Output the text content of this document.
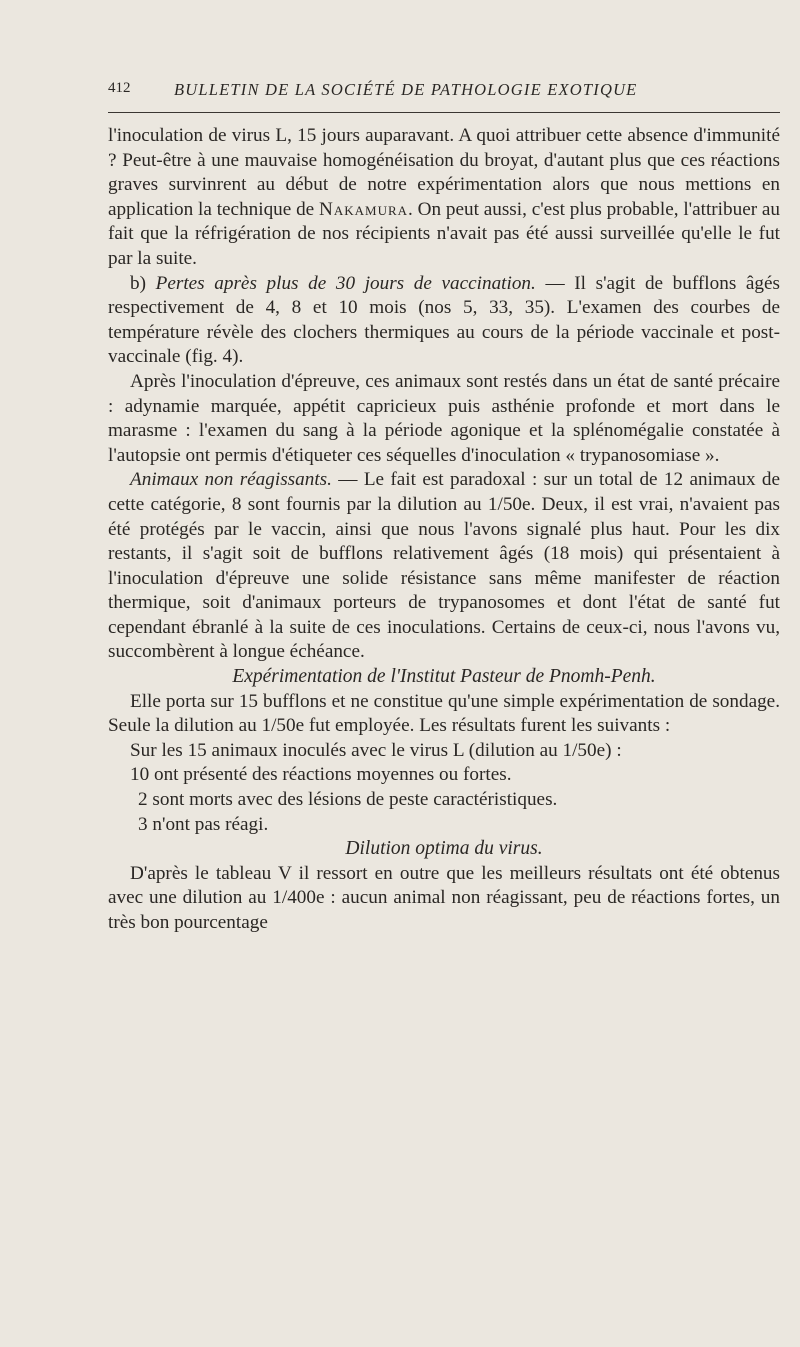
412	BULLETIN DE LA SOCIÉTÉ DE PATHOLOGIE EXOTIQUE

l'inoculation de virus L, 15 jours auparavant. A quoi attribuer cette absence d'immunité ? Peut-être à une mauvaise homogénéisation du broyat, d'autant plus que ces réactions graves survinrent au début de notre expérimentation alors que nous mettions en application la technique de Nakamura. On peut aussi, c'est plus probable, l'attribuer au fait que la réfrigération de nos récipients n'avait pas été aussi surveillée qu'elle le fut par la suite.

b) Pertes après plus de 30 jours de vaccination. — Il s'agit de bufflons âgés respectivement de 4, 8 et 10 mois (nos 5, 33, 35). L'examen des courbes de température révèle des clochers thermiques au cours de la période vaccinale et post-vaccinale (fig. 4).

Après l'inoculation d'épreuve, ces animaux sont restés dans un état de santé précaire : adynamie marquée, appétit capricieux puis asthénie profonde et mort dans le marasme : l'examen du sang à la période agonique et la splénomégalie constatée à l'autopsie ont permis d'étiqueter ces séquelles d'inoculation « trypanosomiase ».

Animaux non réagissants. — Le fait est paradoxal : sur un total de 12 animaux de cette catégorie, 8 sont fournis par la dilution au 1/50e. Deux, il est vrai, n'avaient pas été protégés par le vaccin, ainsi que nous l'avons signalé plus haut. Pour les dix restants, il s'agit soit de bufflons relativement âgés (18 mois) qui présentaient à l'inoculation d'épreuve une solide résistance sans même manifester de réaction thermique, soit d'animaux porteurs de trypanosomes et dont l'état de santé fut cependant ébranlé à la suite de ces inoculations. Certains de ceux-ci, nous l'avons vu, succombèrent à longue échéance.

Expérimentation de l'Institut Pasteur de Pnomh-Penh.

Elle porta sur 15 bufflons et ne constitue qu'une simple expérimentation de sondage. Seule la dilution au 1/50e fut employée. Les résultats furent les suivants :

Sur les 15 animaux inoculés avec le virus L (dilution au 1/50e) :

10 ont présenté des réactions moyennes ou fortes.

2 sont morts avec des lésions de peste caractéristiques.

3 n'ont pas réagi.

Dilution optima du virus.

D'après le tableau V il ressort en outre que les meilleurs résultats ont été obtenus avec une dilution au 1/400e : aucun animal non réagissant, peu de réactions fortes, un très bon pourcentage
